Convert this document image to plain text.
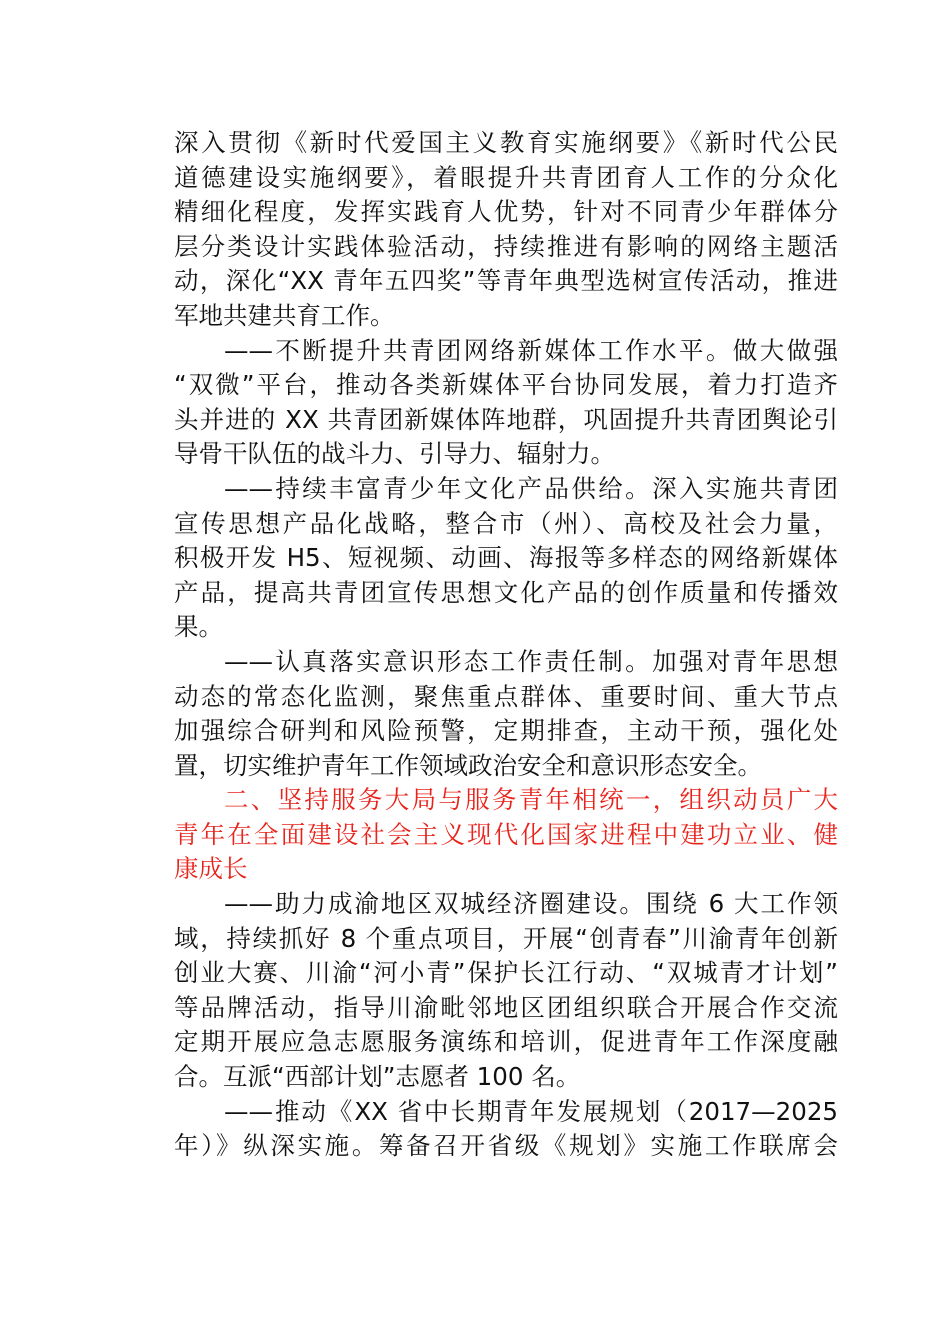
深入贯彻《新时代爱国主义教育实施纲要》《新时代公民
道德建设实施纲要》，着眼提升共青团育人工作的分众化
精细化程度，发挥实践育人优势，针对不同青少年群体分
层分类设计实践体验活动，持续推进有影响的网络主题活
动，深化“XX 青年五四奖”等青年典型选树宣传活动，推进
军地共建共育工作。
——不断提升共青团网络新媒体工作水平。做大做强
“双微”平台，推动各类新媒体平台协同发展，着力打造齐
头并进的 XX 共青团新媒体阵地群，巩固提升共青团舆论引
导骨干队伍的战斗力、引导力、辐射力。
——持续丰富青少年文化产品供给。深入实施共青团
宣传思想产品化战略，整合市（州）、高校及社会力量，
积极开发 H5、短视频、动画、海报等多样态的网络新媒体
产品，提高共青团宣传思想文化产品的创作质量和传播效
果。
——认真落实意识形态工作责任制。加强对青年思想
动态的常态化监测，聚焦重点群体、重要时间、重大节点
加强综合研判和风险预警，定期排查，主动干预，强化处
置，切实维护青年工作领域政治安全和意识形态安全。
二、坚持服务大局与服务青年相统一，组织动员广大
青年在全面建设社会主义现代化国家进程中建功立业、健
康成长
——助力成渝地区双城经济圈建设。围绕 6 大工作领
域，持续抓好 8 个重点项目，开展“创青春”川渝青年创新
创业大赛、川渝“河小青”保护长江行动、“双城青才计划”
等品牌活动，指导川渝毗邻地区团组织联合开展合作交流
定期开展应急志愿服务演练和培训，促进青年工作深度融
合。互派“西部计划”志愿者 100 名。
——推动《XX 省中长期青年发展规划（2017—2025
年）》纵深实施。筹备召开省级《规划》实施工作联席会
